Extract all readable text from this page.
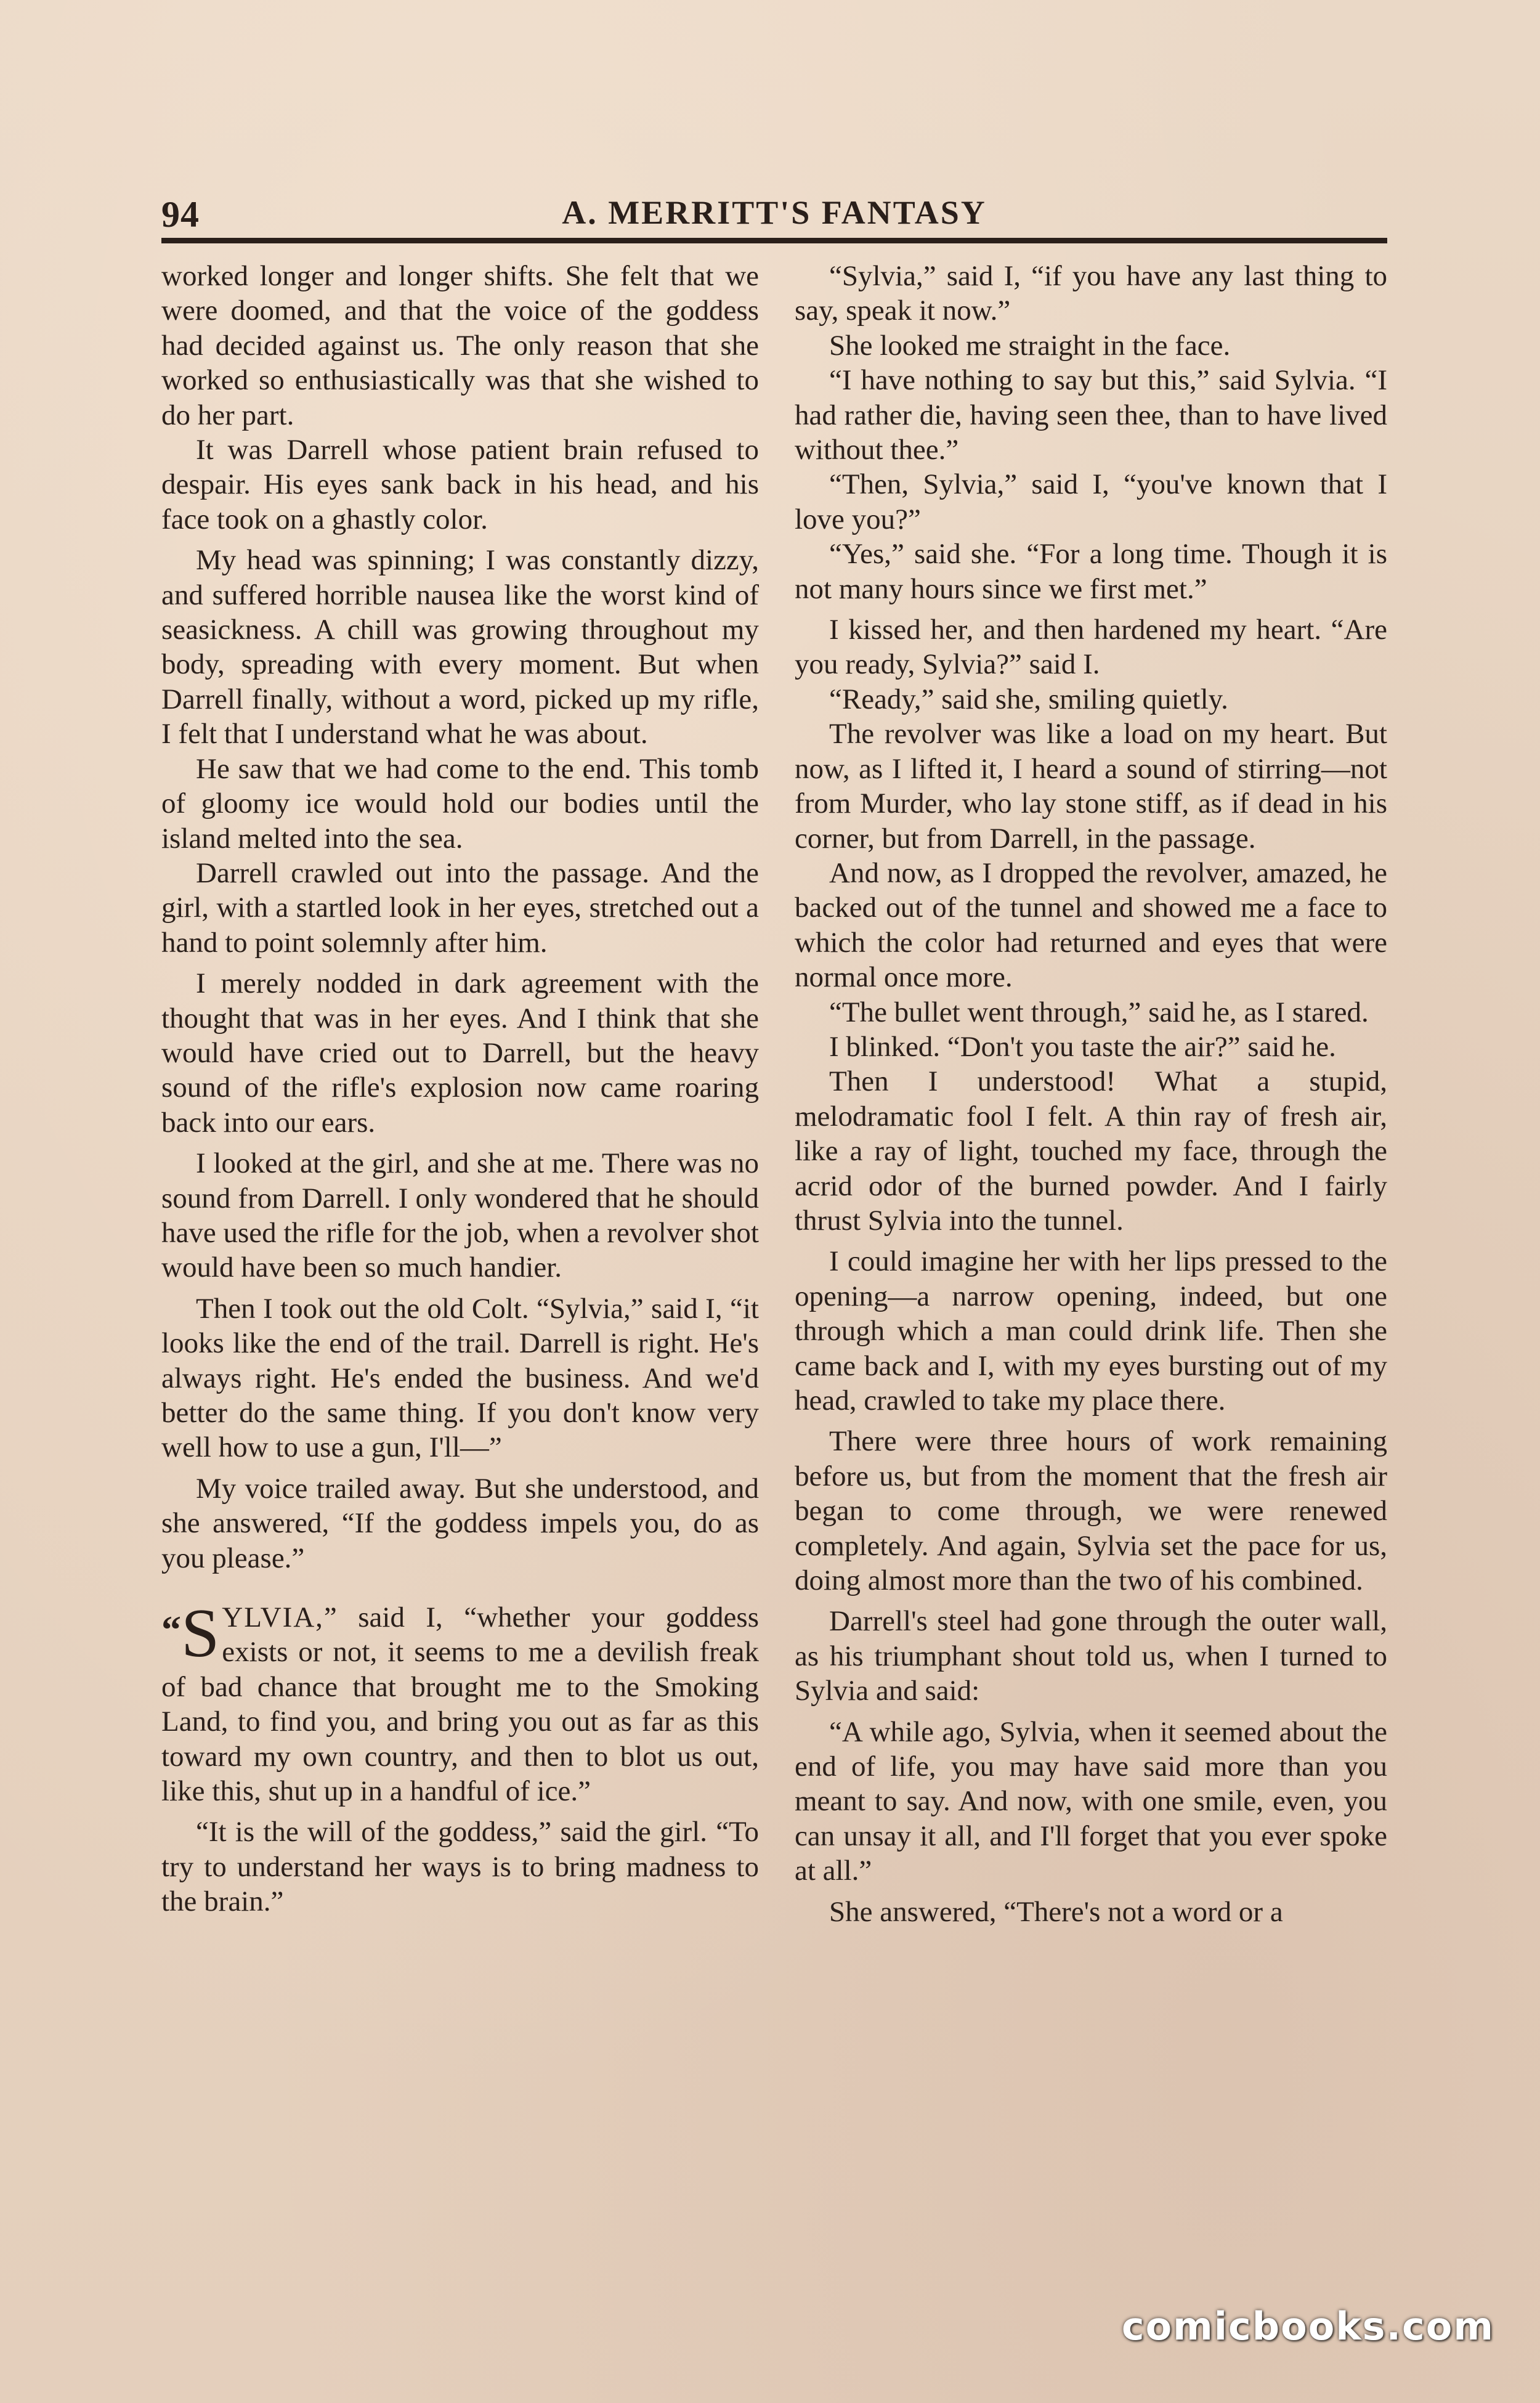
94	A. MERRITT'S FANTASY

worked longer and longer shifts. She felt that we were doomed, and that the voice of the goddess had decided against us. The only reason that she worked so enthusiastically was that she wished to do her part.

It was Darrell whose patient brain refused to despair. His eyes sank back in his head, and his face took on a ghastly color.

My head was spinning; I was constantly dizzy, and suffered horrible nausea like the worst kind of seasickness. A chill was growing throughout my body, spreading with every moment. But when Darrell finally, without a word, picked up my rifle, I felt that I understand what he was about.

He saw that we had come to the end. This tomb of gloomy ice would hold our bodies until the island melted into the sea.

Darrell crawled out into the passage. And the girl, with a startled look in her eyes, stretched out a hand to point solemnly after him.

I merely nodded in dark agreement with the thought that was in her eyes. And I think that she would have cried out to Darrell, but the heavy sound of the rifle's explosion now came roaring back into our ears.

I looked at the girl, and she at me. There was no sound from Darrell. I only wondered that he should have used the rifle for the job, when a revolver shot would have been so much handier.

Then I took out the old Colt. “Sylvia,” said I, “it looks like the end of the trail. Darrell is right. He's always right. He's ended the business. And we'd better do the same thing. If you don't know very well how to use a gun, I'll—”

My voice trailed away. But she understood, and she answered, “If the goddess impels you, do as you please.”

“ S YLVIA,” said I, “whether your goddess exists or not, it seems to me a devilish freak of bad chance that brought me to the Smoking Land, to find you, and bring you out as far as this toward my own country, and then to blot us out, like this, shut up in a handful of ice.”

“It is the will of the goddess,” said the girl. “To try to understand her ways is to bring madness to the brain.”

“Sylvia,” said I, “if you have any last thing to say, speak it now.”

She looked me straight in the face.

“I have nothing to say but this,” said Sylvia. “I had rather die, having seen thee, than to have lived without thee.”

“Then, Sylvia,” said I, “you've known that I love you?”

“Yes,” said she. “For a long time. Though it is not many hours since we first met.”

I kissed her, and then hardened my heart. “Are you ready, Sylvia?” said I.

“Ready,” said she, smiling quietly.

The revolver was like a load on my heart. But now, as I lifted it, I heard a sound of stirring—not from Murder, who lay stone stiff, as if dead in his corner, but from Darrell, in the passage.

And now, as I dropped the revolver, amazed, he backed out of the tunnel and showed me a face to which the color had returned and eyes that were normal once more.

“The bullet went through,” said he, as I stared.

I blinked. “Don't you taste the air?” said he.

Then I understood! What a stupid, melodramatic fool I felt. A thin ray of fresh air, like a ray of light, touched my face, through the acrid odor of the burned powder. And I fairly thrust Sylvia into the tunnel.

I could imagine her with her lips pressed to the opening—a narrow opening, indeed, but one through which a man could drink life. Then she came back and I, with my eyes bursting out of my head, crawled to take my place there.

There were three hours of work remaining before us, but from the moment that the fresh air began to come through, we were renewed completely. And again, Sylvia set the pace for us, doing almost more than the two of his combined.

Darrell's steel had gone through the outer wall, as his triumphant shout told us, when I turned to Sylvia and said:

“A while ago, Sylvia, when it seemed about the end of life, you may have said more than you meant to say. And now, with one smile, even, you can unsay it all, and I'll forget that you ever spoke at all.”

She answered, “There's not a word or a

comicbooks.com
